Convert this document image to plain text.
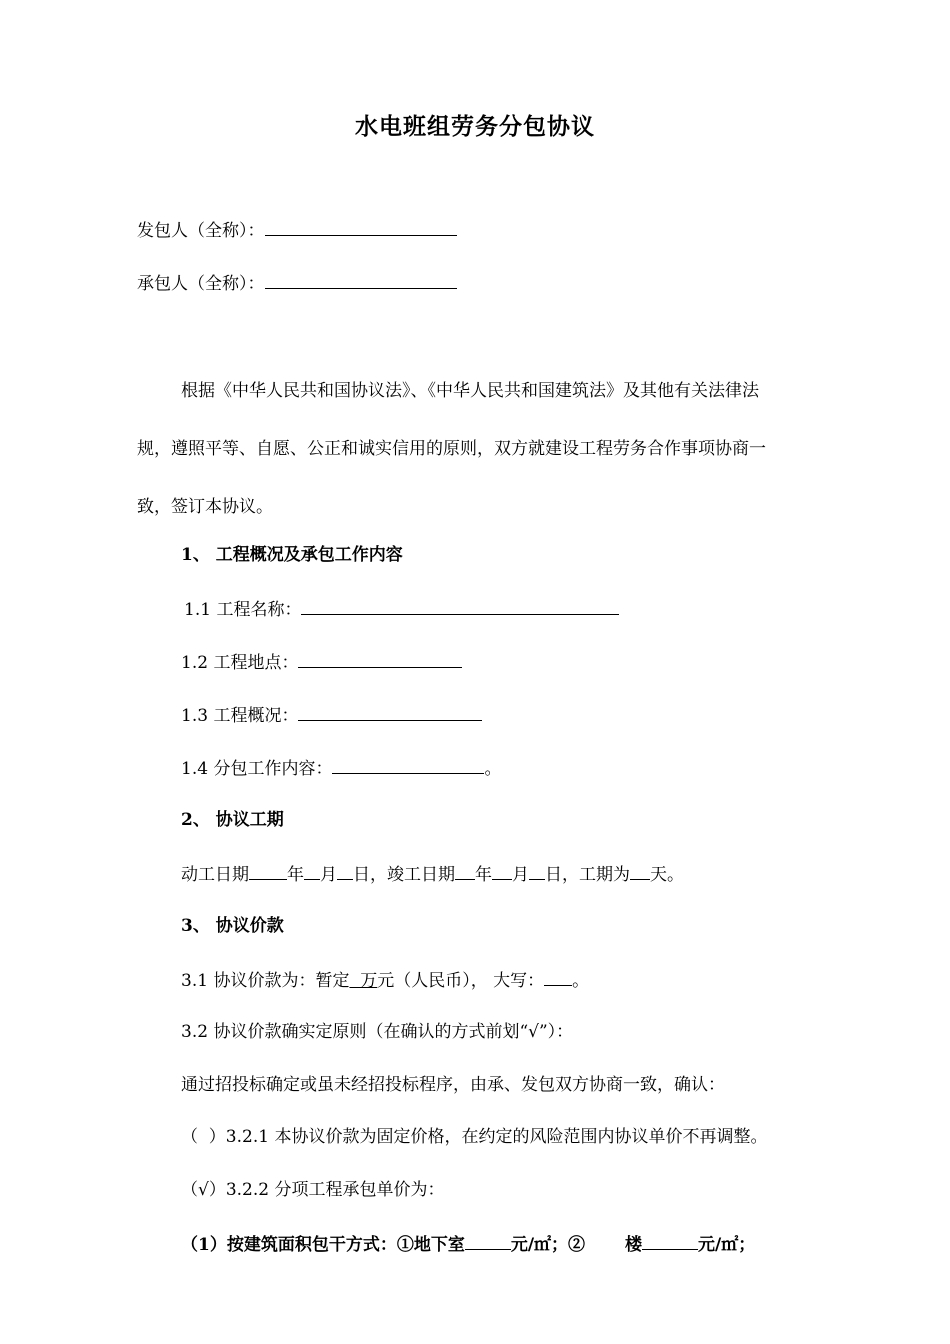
水电班组劳务分包协议
发包人（全称）：
承包人（全称）：
根据《中华人民共和国协议法》、《中华人民共和国建筑法》及其他有关法律法
规，遵照平等、自愿、公正和诚实信用的原则，双方就建设工程劳务合作事项协商一
致，签订本协议。
1、 工程概况及承包工作内容
1.1 工程名称：
1.2 工程地点：
1.3 工程概况：
1.4 分包工作内容：	。
2、 协议工期
动工日期 年 月 日，竣工日期 年 月 日，工期为 天。
3、 协议价款
3.1 协议价款为：暂定  万元（人民币）， 大写： 。
3.2 协议价款确实定原则（在确认的方式前划“√”）：
通过招投标确定或虽未经招投标程序，由承、发包双方协商一致，确认：
（  ）3.2.1 本协议价款为固定价格，在约定的风险范围内协议单价不再调整。
（√）3.2.2 分项工程承包单价为：
（1）按建筑面积包干方式：①地下室	元/㎡；② 楼	元/㎡；
